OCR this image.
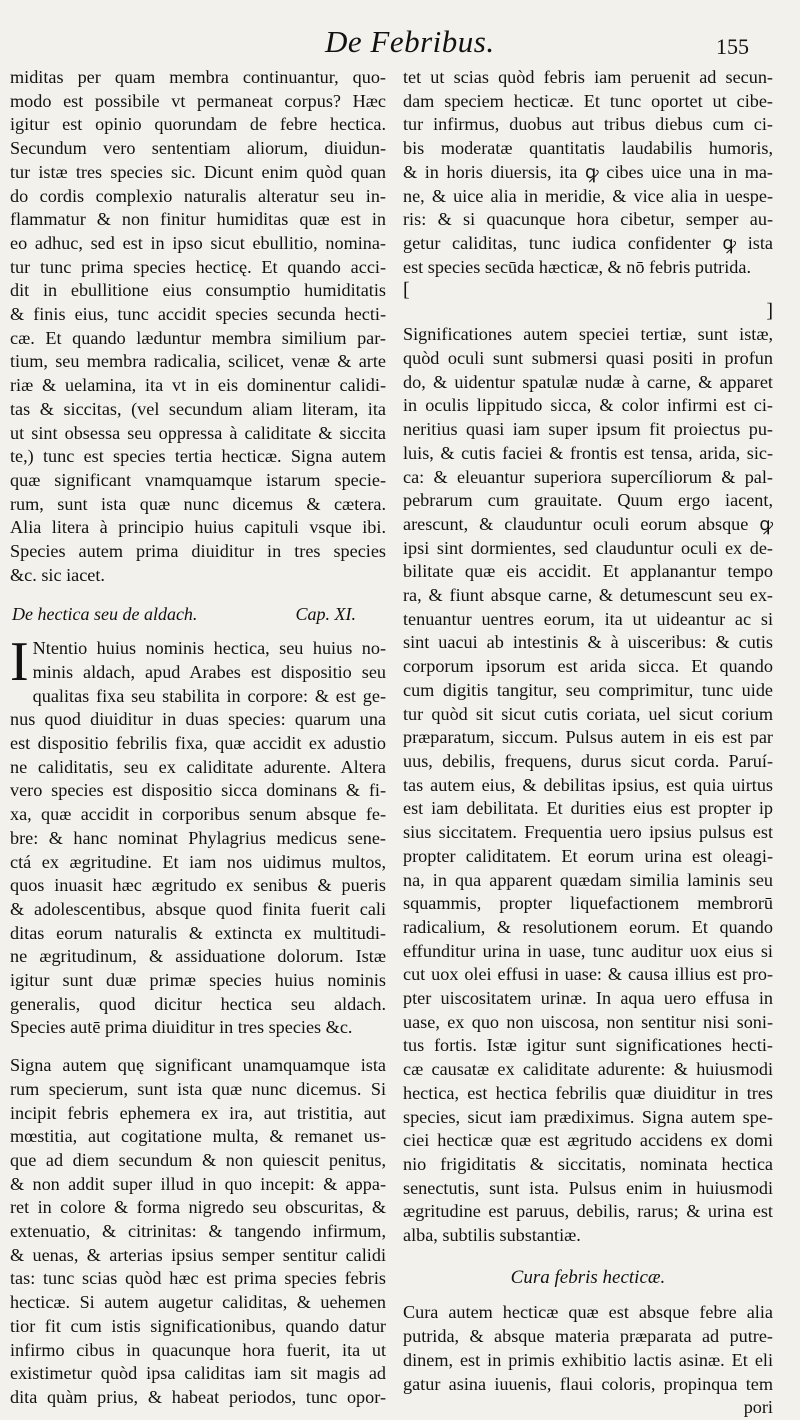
De Febribus.	155
miditas per quam membra continuantur, quo-
modo est possibile vt permaneat corpus? Hæc
igitur est opinio quorundam de febre hectica.
Secundum vero sententiam aliorum, diuidun-
tur istæ tres species sic. Dicunt enim quòd quan
do cordis complexio naturalis alteratur seu in-
flammatur & non finitur humiditas quæ est in
eo adhuc, sed est in ipso sicut ebullitio, nomina-
tur tunc prima species hecticę. Et quando acci-
dit in ebullitione eius consumptio humiditatis
& finis eius, tunc accidit species secunda hecti-
cæ. Et quando læduntur membra similium par-
tium, seu membra radicalia, scilicet, venæ & arte
riæ & uelamina, ita vt in eis dominentur calidi-
tas & siccitas, (vel secundum aliam literam, ita
ut sint obsessa seu oppressa à caliditate & siccita
te,) tunc est species tertia hecticæ. Signa autem
quæ significant vnamquamque istarum specie-
rum, sunt ista quæ nunc dicemus & cætera.
Alia litera à principio huius capituli vsque ibi.
Species autem prima diuiditur in tres species
&c. sic iacet.
De hectica seu de aldach.	Cap. XI.
I Ntentio huius nominis hectica, seu huius no-
minis aldach, apud Arabes est dispositio seu
qualitas fixa seu stabilita in corpore: & est ge-
nus quod diuiditur in duas species: quarum una
est dispositio febrilis fixa, quæ accidit ex adustio
ne caliditatis, seu ex caliditate adurente. Altera
vero species est dispositio sicca dominans & fi-
xa, quæ accidit in corporibus senum absque fe-
bre: & hanc nominat Phylagrius medicus sene-
ctá ex ægritudine. Et iam nos uidimus multos,
quos inuasit hæc ægritudo ex senibus & pueris
& adolescentibus, absque quod finita fuerit cali
ditas eorum naturalis & extincta ex multitudi-
ne ægritudinum, & assiduatione dolorum. Istæ
igitur sunt duæ primæ species huius nominis
generalis, quod dicitur hectica seu aldach.
Species autē prima diuiditur in tres species &c.
Signa autem quę significant unamquamque ista
rum specierum, sunt ista quæ nunc dicemus. Si
incipit febris ephemera ex ira, aut tristitia, aut
mœstitia, aut cogitatione multa, & remanet us-
que ad diem secundum & non quiescit penitus,
& non addit super illud in quo incepit: & appa-
ret in colore & forma nigredo seu obscuritas, &
extenuatio, & citrinitas: & tangendo infirmum,
& uenas, & arterias ipsius semper sentitur calidi
tas: tunc scias quòd hæc est prima species febris
hecticæ. Si autem augetur caliditas, & uehemen
tior fit cum istis significationibus, quando datur
infirmo cibus in quacunque hora fuerit, ita ut
existimetur quòd ipsa caliditas iam sit magis ad
dita quàm prius, & habeat periodos, tunc opor-
tet ut scias quòd febris iam peruenit ad secun-
dam speciem hecticæ. Et tunc oportet ut cibe-
tur infirmus, duobus aut tribus diebus cum ci-
bis moderatæ quantitatis laudabilis humoris,
& in horis diuersis, ita ꝙ cibes uice una in ma-
ne, & uice alia in meridie, & vice alia in uespe-
ris: & si quacunque hora cibetur, semper au-
getur caliditas, tunc iudica confidenter ꝙ ista
est species secūda hæcticæ, & nō febris putrida.
[
]
Significationes autem speciei tertiæ, sunt istæ,
quòd oculi sunt submersi quasi positi in profun
do, & uidentur spatulæ nudæ à carne, & apparet
in oculis lippitudo sicca, & color infirmi est ci-
neritius quasi iam super ipsum fit proiectus pu-
luis, & cutis faciei & frontis est tensa, arida, sic-
ca: & eleuantur superiora supercíliorum & pal-
pebrarum cum grauitate. Quum ergo iacent,
arescunt, & clauduntur oculi eorum absque ꝙ
ipsi sint dormientes, sed clauduntur oculi ex de-
bilitate quæ eis accidit. Et applanantur tempo
ra, & fiunt absque carne, & detumescunt seu ex-
tenuantur uentres eorum, ita ut uideantur ac si
sint uacui ab intestinis & à uisceribus: & cutis
corporum ipsorum est arida sicca. Et quando
cum digitis tangitur, seu comprimitur, tunc uide
tur quòd sit sicut cutis coriata, uel sicut corium
præparatum, siccum. Pulsus autem in eis est par
uus, debilis, frequens, durus sicut corda. Paruí-
tas autem eius, & debilitas ipsius, est quia uirtus
est iam debilitata. Et durities eius est propter ip
sius siccitatem. Frequentia uero ipsius pulsus est
propter caliditatem. Et eorum urina est oleagi-
na, in qua apparent quædam similia laminis seu
squammis, propter liquefactionem membrorū
radicalium, & resolutionem eorum. Et quando
effunditur urina in uase, tunc auditur uox eius si
cut uox olei effusi in uase: & causa illius est pro-
pter uiscositatem urinæ. In aqua uero effusa in
uase, ex quo non uiscosa, non sentitur nisi soni-
tus fortis. Istæ igitur sunt significationes hecti-
cæ causatæ ex caliditate adurente: & huiusmodi
hectica, est hectica febrilis quæ diuiditur in tres
species, sicut iam prædiximus. Signa autem spe-
ciei hecticæ quæ est ægritudo accidens ex domi
nio frigiditatis & siccitatis, nominata hectica
senectutis, sunt ista. Pulsus enim in huiusmodi
ægritudine est paruus, debilis, rarus; & urina est
alba, subtilis substantiæ.
Cura febris hecticæ.
Cura autem hecticæ quæ est absque febre alia
putrida, & absque materia præparata ad putre-
dinem, est in primis exhibitio lactis asinæ. Et eli
gatur asina iuuenis, flaui coloris, propinqua tem
pori
